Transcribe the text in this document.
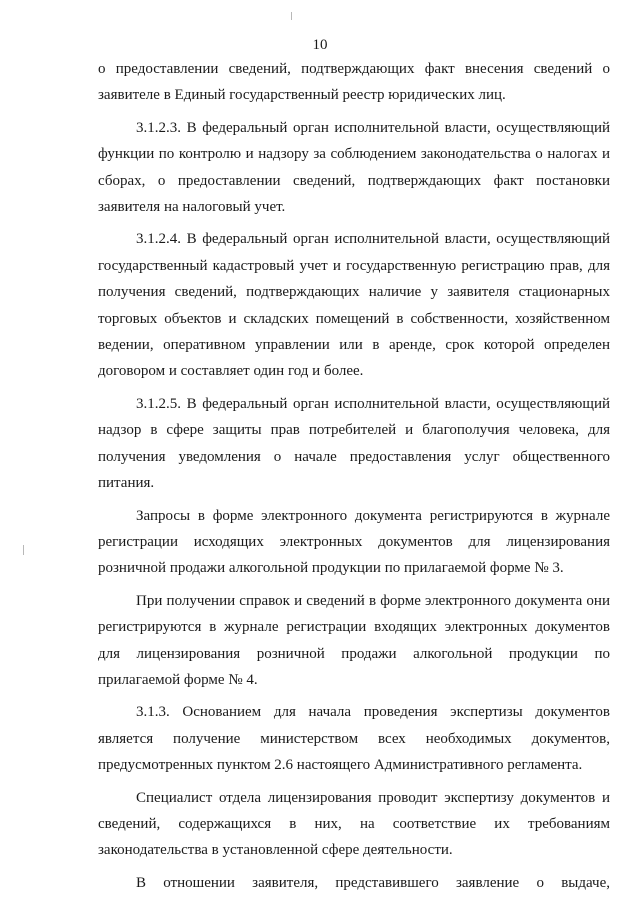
10

о предоставлении сведений, подтверждающих факт внесения сведений о заявителе в Единый государственный реестр юридических лиц.

3.1.2.3. В федеральный орган исполнительной власти, осуществляющий функции по контролю и надзору за соблюдением законодательства о налогах и сборах, о предоставлении сведений, подтверждающих факт постановки заявителя на налоговый учет.

3.1.2.4. В федеральный орган исполнительной власти, осуществляющий государственный кадастровый учет и государственную регистрацию прав, для получения сведений, подтверждающих наличие у заявителя стационарных торговых объектов и складских помещений в собственности, хозяйственном ведении, оперативном управлении или в аренде, срок которой определен договором и составляет один год и более.

3.1.2.5. В федеральный орган исполнительной власти, осуществляющий надзор в сфере защиты прав потребителей и благополучия человека, для получения уведомления о начале предоставления услуг общественного питания.

Запросы в форме электронного документа регистрируются в журнале регистрации исходящих электронных документов для лицензирования розничной продажи алкогольной продукции по прилагаемой форме № 3.

При получении справок и сведений в форме электронного документа они регистрируются в журнале регистрации входящих электронных документов для лицензирования розничной продажи алкогольной продукции по прилагаемой форме № 4.

3.1.3. Основанием для начала проведения экспертизы документов является получение министерством всех необходимых документов, предусмотренных пунктом 2.6 настоящего Административного регламента.

Специалист отдела лицензирования проводит экспертизу документов и сведений, содержащихся в них, на соответствие их требованиям законодательства в установленной сфере деятельности.

В отношении заявителя, представившего заявление о выдаче,
